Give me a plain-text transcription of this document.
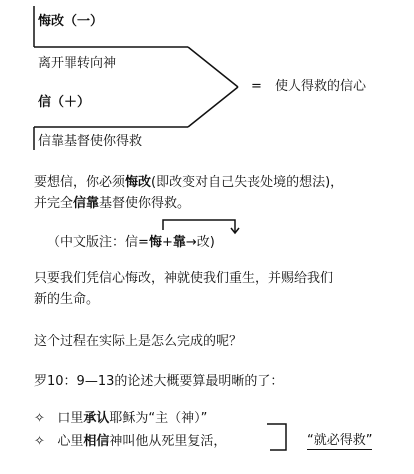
悔改（一）
离开罪转向神
信（＋）
信靠基督使你得救
= 使人得救的信心
要想信，你必须悔改(即改变对自己失丧处境的想法)，
并完全信靠基督使你得救。
（中文版注：信=悔+靠→改)
只要我们凭信心悔改，神就使我们重生，并赐给我们
新的生命。
这个过程在实际上是怎么完成的呢？
罗10：9—13的论述大概要算最明晰的了：
✧ 口里承认耶稣为“主（神）”
✧ 心里相信神叫他从死里复活，	“就必得救”
